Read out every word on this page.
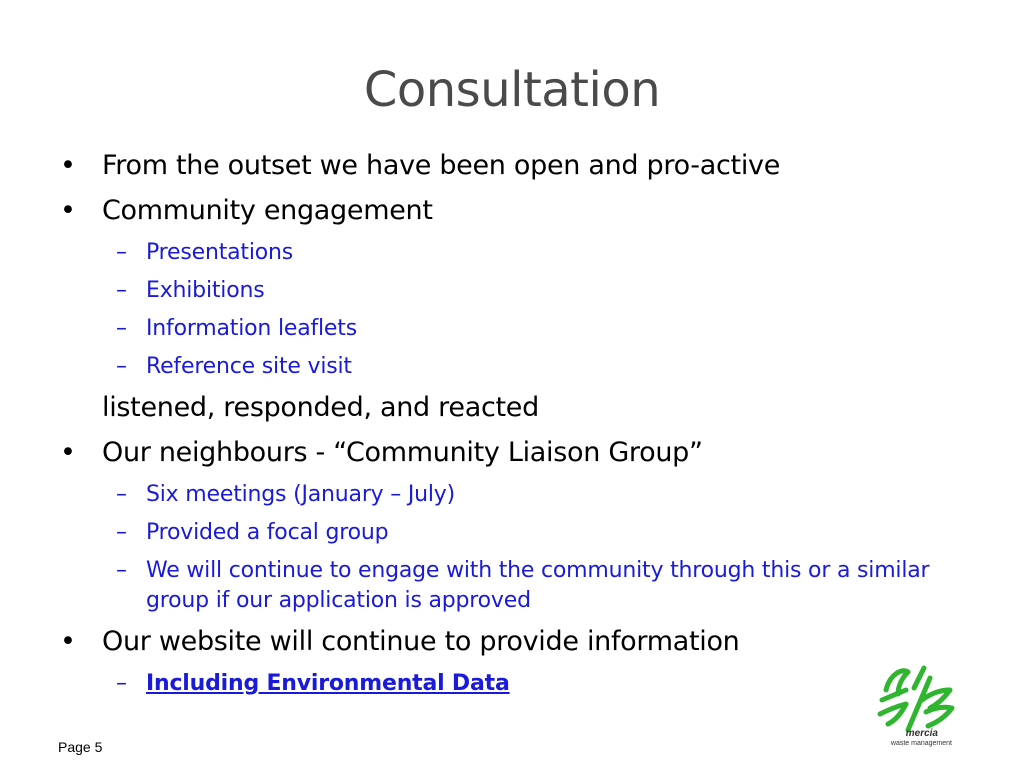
Consultation
• From the outset we have been open and pro-active
• Community engagement
– Presentations
– Exhibitions
– Information leaflets
– Reference site visit
listened, responded, and reacted
• Our neighbours - “Community Liaison Group”
– Six meetings (January – July)
– Provided a focal group
– We will continue to engage with the community through this or a similar group if our application is approved
• Our website will continue to provide information
– Including Environmental Data
Page 5
mercia
waste management
